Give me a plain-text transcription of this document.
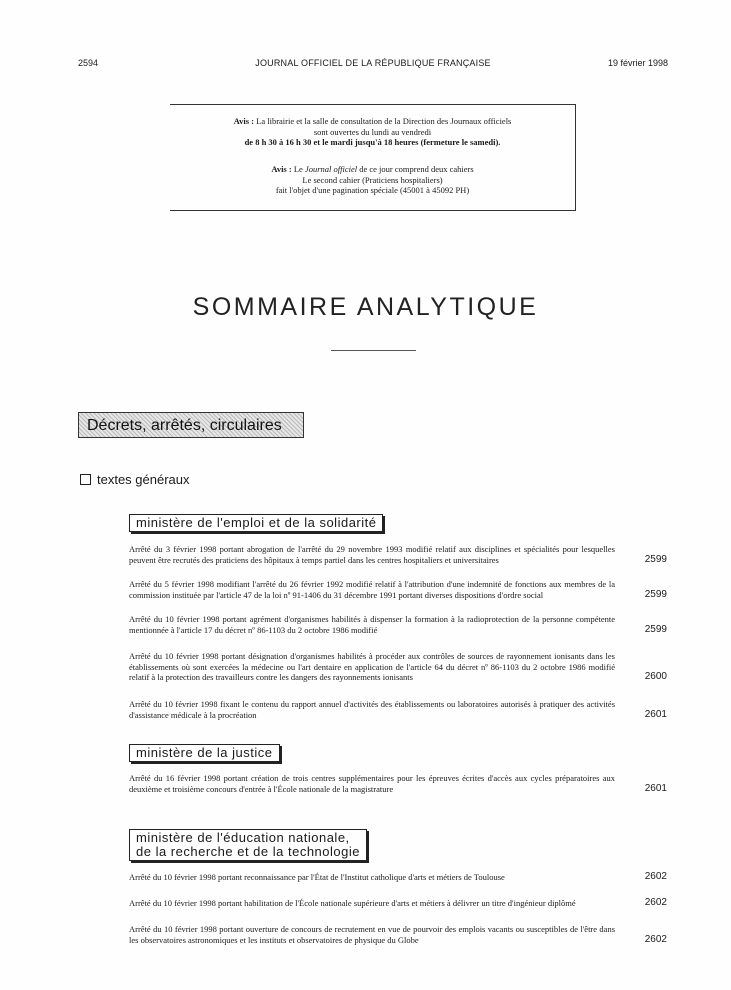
2594	JOURNAL OFFICIEL DE LA RÉPUBLIQUE FRANÇAISE	19 février 1998

Avis : La librairie et la salle de consultation de la Direction des Journaux officiels

sont ouvertes du lundi au vendredi

de 8 h 30 à 16 h 30 et le mardi jusqu'à 18 heures (fermeture le samedi).

Avis : Le Journal officiel de ce jour comprend deux cahiers

Le second cahier (Praticiens hospitaliers)

fait l'objet d'une pagination spéciale (45001 à 45092 PH)

SOMMAIRE ANALYTIQUE
Décrets, arrêtés, circulaires
textes généraux
ministère de l'emploi et de la solidarité
Arrêté du 3 février 1998 portant abrogation de l'arrêté du 29 novembre 1993 modifié relatif aux disciplines et spécialités pour lesquelles peuvent être recrutés des praticiens des hôpitaux à temps partiel dans les centres hospitaliers et universitaires	2599
Arrêté du 5 février 1998 modifiant l'arrêté du 26 février 1992 modifié relatif à l'attribution d'une indemnité de fonctions aux membres de la commission instituée par l'article 47 de la loi nº 91-1406 du 31 décembre 1991 portant diverses dispositions d'ordre social	2599
Arrêté du 10 février 1998 portant agrément d'organismes habilités à dispenser la formation à la radioprotection de la personne compétente mentionnée à l'article 17 du décret nº 86-1103 du 2 octobre 1986 modifié	2599
Arrêté du 10 février 1998 portant désignation d'organismes habilités à procéder aux contrôles de sources de rayonnement ionisants dans les établissements où sont exercées la médecine ou l'art dentaire en application de l'article 64 du décret nº 86-1103 du 2 octobre 1986 modifié relatif à la protection des travailleurs contre les dangers des rayonnements ionisants	2600
Arrêté du 10 février 1998 fixant le contenu du rapport annuel d'activités des établissements ou laboratoires autorisés à pratiquer des activités d'assistance médicale à la procréation	2601
ministère de la justice
Arrêté du 16 février 1998 portant création de trois centres supplémentaires pour les épreuves écrites d'accès aux cycles préparatoires aux deuxième et troisième concours d'entrée à l'École nationale de la magistrature	2601
ministère de l'éducation nationale,
de la recherche et de la technologie
Arrêté du 10 février 1998 portant reconnaissance par l'État de l'Institut catholique d'arts et métiers de Toulouse	2602
Arrêté du 10 février 1998 portant habilitation de l'École nationale supérieure d'arts et métiers à délivrer un titre d'ingénieur diplômé	2602
Arrêté du 10 février 1998 portant ouverture de concours de recrutement en vue de pourvoir des emplois vacants ou susceptibles de l'être dans les observatoires astronomiques et les instituts et observatoires de physique du Globe	2602
